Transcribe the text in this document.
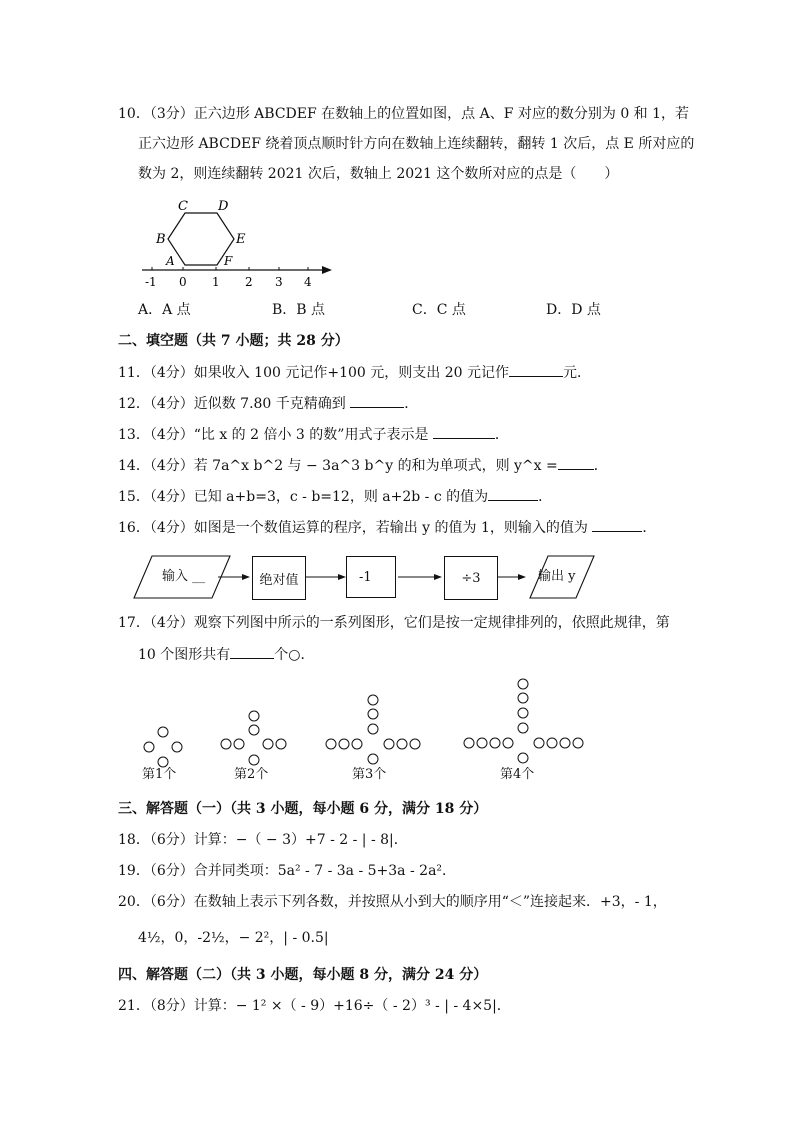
10．（3分）正六边形 ABCDEF 在数轴上的位置如图，点 A、F 对应的数分别为 0 和 1，若
正六边形 ABCDEF 绕着顶点顺时针方向在数轴上连续翻转，翻转 1 次后，点 E 所对应的
数为 2，则连续翻转 2021 次后，数轴上 2021 这个数所对应的点是（　　）
C D
B	E
A	F
-1 0 1 2 3 4
A．A 点	B．B 点	C．C 点	D．D 点
二、填空题（共 7 小题；共 28 分）
11．（4分）如果收入 100 元记作+100 元，则支出 20 元记作	元．
12．（4分）近似数 7.80 千克精确到	．
13．（4分）“比 x 的 2 倍小 3 的数”用式子表示是	．
14．（4分）若 7a^x b^2 与 − 3a^3 b^y 的和为单项式，则 y^x =	．
15．（4分）已知 a+b=3，c - b=12，则 a+2b - c 的值为	．
16．（4分）如图是一个数值运算的程序，若输出 y 的值为 1，则输入的值为	．
输入 __	绝对值	-1	÷3	输出 y
17．（4分）观察下列图中所示的一系列图形，它们是按一定规律排列的，依照此规律，第
10 个图形共有	个○．
第1个	第2个	第3个	第4个
三、解答题（一）（共 3 小题，每小题 6 分，满分 18 分）
18．（6分）计算：−（ − 3）+7 - 2 - | - 8|．
19．（6分）合并同类项：5a² - 7 - 3a - 5+3a - 2a²．
20．（6分）在数轴上表示下列各数，并按照从小到大的顺序用“＜”连接起来．+3，- 1，
4½，0，-2½，− 2²，| - 0.5|
四、解答题（二）（共 3 小题，每小题 8 分，满分 24 分）
21．（8分）计算：− 1² ×（ - 9）+16÷（ - 2）³ - | - 4×5|．
